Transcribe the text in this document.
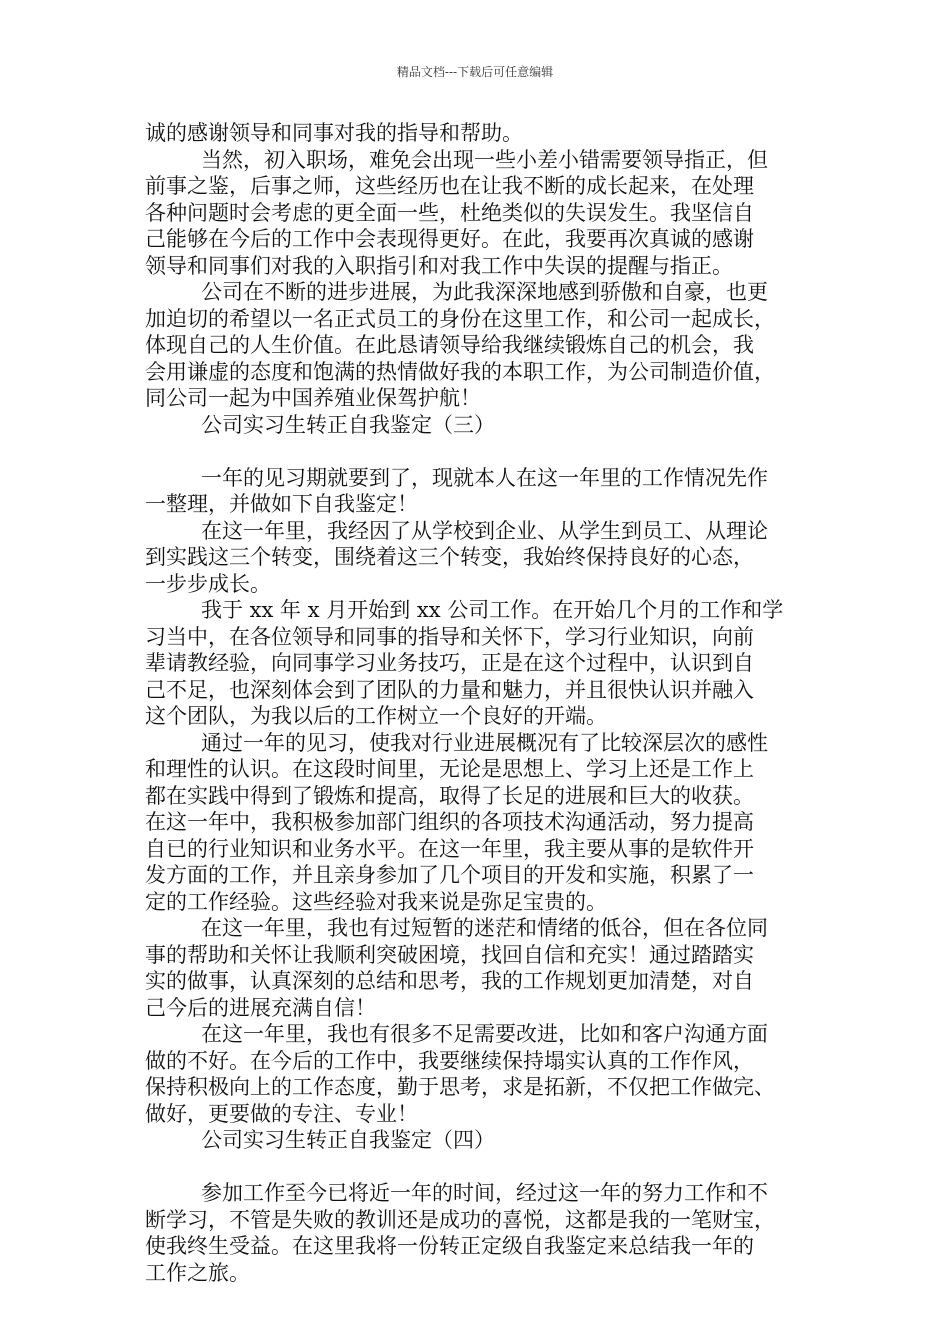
精品文档---下载后可任意编辑
诚的感谢领导和同事对我的指导和帮助。
当然，初入职场，难免会出现一些小差小错需要领导指正，但
前事之鉴，后事之师，这些经历也在让我不断的成长起来，在处理
各种问题时会考虑的更全面一些，杜绝类似的失误发生。我坚信自
己能够在今后的工作中会表现得更好。在此，我要再次真诚的感谢
领导和同事们对我的入职指引和对我工作中失误的提醒与指正。
公司在不断的进步进展，为此我深深地感到骄傲和自豪，也更
加迫切的希望以一名正式员工的身份在这里工作，和公司一起成长，
体现自己的人生价值。在此恳请领导给我继续锻炼自己的机会，我
会用谦虚的态度和饱满的热情做好我的本职工作，为公司制造价值，
同公司一起为中国养殖业保驾护航！
公司实习生转正自我鉴定（三）
一年的见习期就要到了，现就本人在这一年里的工作情况先作
一整理，并做如下自我鉴定！
在这一年里，我经因了从学校到企业、从学生到员工、从理论
到实践这三个转变，围绕着这三个转变，我始终保持良好的心态，
一步步成长。
我于 xx 年 x 月开始到 xx 公司工作。在开始几个月的工作和学
习当中，在各位领导和同事的指导和关怀下，学习行业知识，向前
辈请教经验，向同事学习业务技巧，正是在这个过程中，认识到自
己不足，也深刻体会到了团队的力量和魅力，并且很快认识并融入
这个团队，为我以后的工作树立一个良好的开端。
通过一年的见习，使我对行业进展概况有了比较深层次的感性
和理性的认识。在这段时间里，无论是思想上、学习上还是工作上
都在实践中得到了锻炼和提高，取得了长足的进展和巨大的收获。
在这一年中，我积极参加部门组织的各项技术沟通活动，努力提高
自已的行业知识和业务水平。在这一年里，我主要从事的是软件开
发方面的工作，并且亲身参加了几个项目的开发和实施，积累了一
定的工作经验。这些经验对我来说是弥足宝贵的。
在这一年里，我也有过短暂的迷茫和情绪的低谷，但在各位同
事的帮助和关怀让我顺利突破困境，找回自信和充实！通过踏踏实
实的做事，认真深刻的总结和思考，我的工作规划更加清楚，对自
己今后的进展充满自信！
在这一年里，我也有很多不足需要改进，比如和客户沟通方面
做的不好。在今后的工作中，我要继续保持塌实认真的工作作风，
保持积极向上的工作态度，勤于思考，求是拓新，不仅把工作做完、
做好，更要做的专注、专业！
公司实习生转正自我鉴定（四）
参加工作至今已将近一年的时间，经过这一年的努力工作和不
断学习，不管是失败的教训还是成功的喜悦，这都是我的一笔财宝，
使我终生受益。在这里我将一份转正定级自我鉴定来总结我一年的
工作之旅。
